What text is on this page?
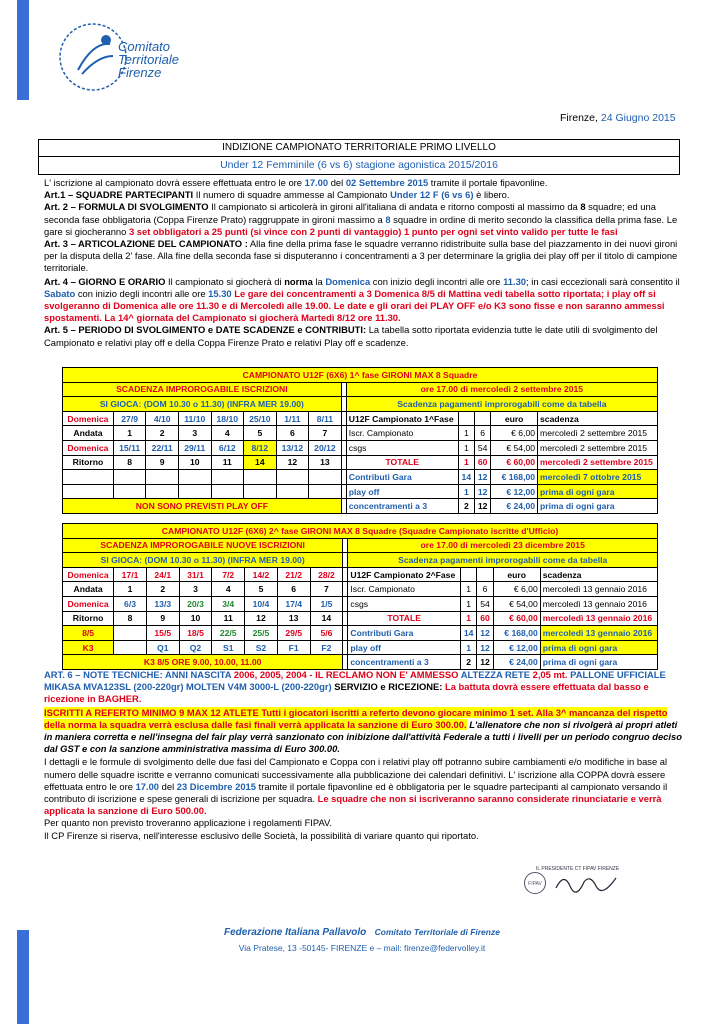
Comitato
Territoriale
Firenze
Firenze, 24 Giugno 2015
INDIZIONE CAMPIONATO TERRITORIALE PRIMO LIVELLO
Under 12 Femminile (6 vs 6) stagione agonistica 2015/2016

L' iscrizione al campionato dovrà essere effettuata entro le ore 17.00 del 02 Settembre 2015 tramite il portale fipavonline.

Art.1 – SQUADRE PARTECIPANTI Il numero di squadre ammesse al Campionato Under 12 F (6 vs 6) è libero.

Art. 2 – FORMULA DI SVOLGIMENTO Il campionato si articolerà in gironi all'italiana di andata e ritorno composti al massimo da 8 squadre; ed una seconda fase obbligatoria (Coppa Firenze Prato) raggruppate in gironi massimo a 8 squadre in ordine di merito secondo la classifica della prima fase. Le gare si giocheranno 3 set obbligatori a 25 punti (si vince con 2 punti di vantaggio) 1 punto per ogni set vinto valido per tutte le fasi

Art. 3 – ARTICOLAZIONE DEL CAMPIONATO : Alla fine della prima fase le squadre verranno ridistribuite sulla base del piazzamento in dei nuovi gironi per la disputa della 2' fase. Alla fine della seconda fase si disputeranno i concentramenti a 3 per determinare la griglia dei play off per il titolo di campione territoriale.

Art. 4 – GIORNO E ORARIO Il campionato si giocherà di norma la Domenica con inizio degli incontri alle ore 11.30; in casi eccezionali sarà consentito il Sabato con inizio degli incontri alle ore 15.30 Le gare dei concentramenti a 3 Domenica 8/5 di Mattina vedi tabella sotto riportata; i play off si svolgeranno di Domenica alle ore 11.30 e di Mercoledì alle 19.00. Le date e gli orari dei PLAY OFF e/o K3 sono fisse e non saranno ammessi spostamenti. La 14^ giornata del Campionato si giocherà Martedì 8/12 ore 11.30.

Art. 5 – PERIODO DI SVOLGIMENTO e DATE SCADENZE e CONTRIBUTI: La tabella sotto riportata evidenzia tutte le date utili di svolgimento del Campionato e relativi play off e della Coppa Firenze Prato e relativi Play off e scadenze.

CAMPIONATO U12F (6X6) 1^ fase GIRONI MAX 8 Squadre													
SCADENZA IMPROROGABILE ISCRIZIONI									ore 17.00 di mercoledì 2 settembre 2015				
SI GIOCA: (DOM 10.30 o 11.30) (INFRA MER 19.00)									Scadenza pagamenti improrogabili come da tabella				
Domenica	27/9	4/10	11/10	18/10	25/10	1/11	8/11		U12F Campionato 1^Fase			euro	scadenza
Andata	1	2	3	4	5	6	7		Iscr. Campionato	1	6	€ 6,00	mercoledì 2 settembre 2015
Domenica	15/11	22/11	29/11	6/12	8/12	13/12	20/12		csgs	1	54	€ 54,00	mercoledì 2 settembre 2015
Ritorno	8	9	10	11	14	12	13		TOTALE	1	60	€ 60,00	mercoledì 2 settembre 2015
									Contributi Gara	14	12	€ 168,00	mercoledì 7 ottobre 2015
									play off	1	12	€ 12,00	prima di ogni gara
NON SONO PREVISTI PLAY OFF									concentramenti a 3	2	12	€ 24,00	prima di ogni gara
CAMPIONATO U12F (6X6) 2^ fase GIRONI MAX 8 Squadre (Squadre Campionato iscritte d'Ufficio)													
SCADENZA IMPROROGABILE NUOVE ISCRIZIONI									ore 17.00 di mercoledì 23 dicembre 2015				
SI GIOCA: (DOM 10.30 o 11.30) (INFRA MER 19.00)									Scadenza pagamenti improrogabili come da tabella				
Domenica	17/1	24/1	31/1	7/2	14/2	21/2	28/2		U12F Campionato 2^Fase			euro	scadenza
Andata	1	2	3	4	5	6	7		Iscr. Campionato	1	6	€ 6,00	mercoledì 13 gennaio 2016
Domenica	6/3	13/3	20/3	3/4	10/4	17/4	1/5		csgs	1	54	€ 54,00	mercoledì 13 gennaio 2016
Ritorno	8	9	10	11	12	13	14		TOTALE	1	60	€ 60,00	mercoledì 13 gennaio 2016
8/5		15/5	18/5	22/5	25/5	29/5	5/6		Contributi Gara	14	12	€ 168,00	mercoledì 13 gennaio 2016
K3		Q1	Q2	S1	S2	F1	F2		play off	1	12	€ 12,00	prima di ogni gara
K3 8/5 ORE 9.00, 10.00, 11.00									concentramenti a 3	2	12	€ 24,00	prima di ogni gara

ART. 6 – NOTE TECNICHE: ANNI NASCITA 2006, 2005, 2004 - IL RECLAMO NON E' AMMESSO ALTEZZA RETE 2,05 mt. PALLONE UFFICIALE MIKASA MVA123SL (200-220gr) MOLTEN V4M 3000-L (200-220gr) SERVIZIO e RICEZIONE: La battuta dovrà essere effettuata dal basso e ricezione in BAGHER.

ISCRITTI A REFERTO MINIMO 9 MAX 12 ATLETE Tutti i giocatori iscritti a referto devono giocare minimo 1 set. Alla 3^ mancanza del rispetto della norma la squadra verrà esclusa dalle fasi finali verrà applicata la sanzione di Euro 300.00. L'allenatore che non si rivolgerà ai propri atleti in maniera corretta e nell'insegna del fair play verrà sanzionato con inibizione dall'attività Federale a tutti i livelli per un periodo congruo deciso dal GST e con la sanzione amministrativa massima di Euro 300.00.

I dettagli e le formule di svolgimento delle due fasi del Campionato e Coppa con i relativi play off potranno subire cambiamenti e/o modifiche in base al numero delle squadre iscritte e verranno comunicati successivamente alla pubblicazione dei calendari definitivi. L' iscrizione alla COPPA dovrà essere effettuata entro le ore 17.00 del 23 Dicembre 2015 tramite il portale fipavonline ed è obbligatoria per le squadre partecipanti al campionato versando il contributo di iscrizione e spese generali di iscrizione per squadra. Le squadre che non si iscriveranno saranno considerate rinunciatarie e verrà applicata la sanzione di Euro 500.00.

Per quanto non previsto troveranno applicazione i regolamenti FIPAV.

Il CP Firenze si riserva, nell'interesse esclusivo delle Società, la possibilità di variare quanto qui riportato.

IL PRESIDENTE CT FIPAV FIRENZE
FIPAV
Federazione Italiana Pallavolo Comitato Territoriale di Firenze
Via Pratese, 13 -50145- FIRENZE e – mail: firenze@federvolley.it
